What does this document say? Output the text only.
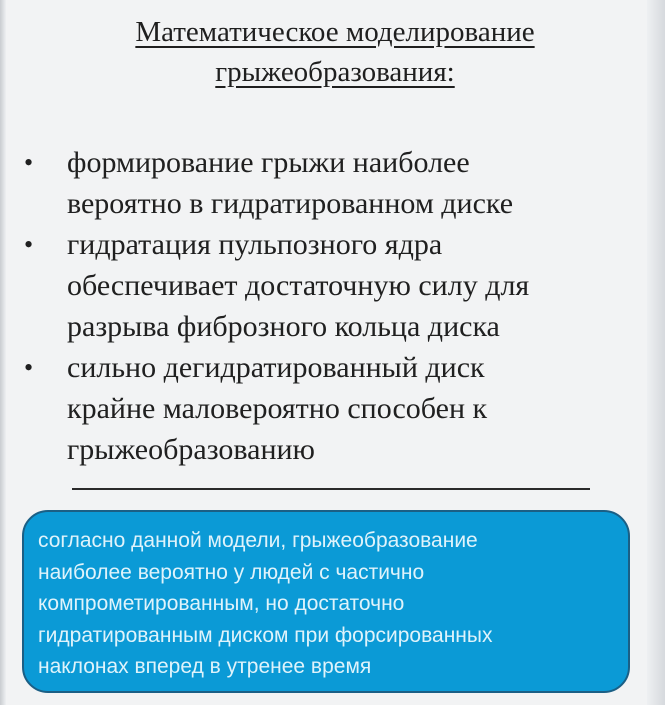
Математическое моделирование
грыжеобразования:
• формирование грыжи наиболее
вероятно в гидратированном диске
• гидратация пульпозного ядра
обеспечивает достаточную силу для
разрыва фиброзного кольца диска
• сильно дегидратированный диск
крайне маловероятно способен к
грыжеобразованию
согласно данной модели, грыжеобразование
наиболее вероятно у людей с частично
компрометированным, но достаточно
гидратированным диском при форсированных
наклонах вперед в утренее время
